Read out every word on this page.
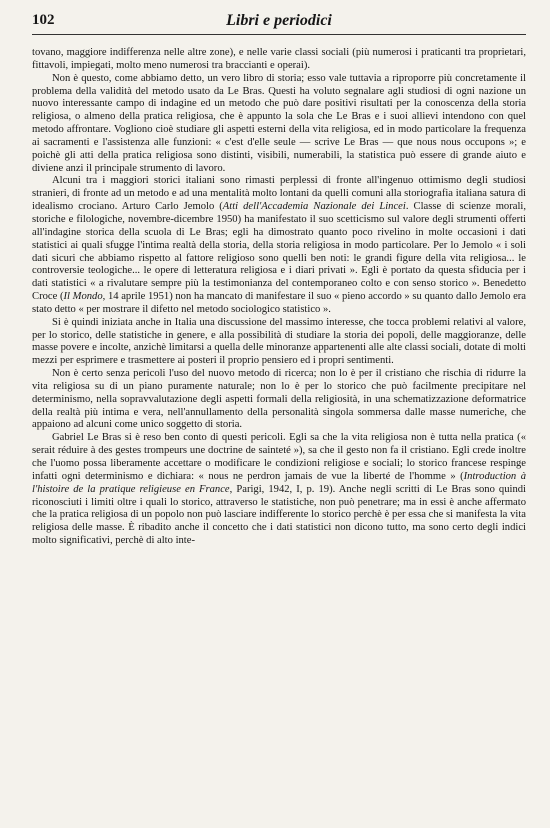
102	Libri e periodici

tovano, maggiore indifferenza nelle altre zone), e nelle varie classi sociali (più numerosi i praticanti tra proprietari, fittavoli, impiegati, molto meno numerosi tra braccianti e operai).

Non è questo, come abbiamo detto, un vero libro di storia; esso vale tuttavia a riproporre più concretamente il problema della validità del metodo usato da Le Bras. Questi ha voluto segnalare agli studiosi di ogni nazione un nuovo interessante campo di indagine ed un metodo che può dare positivi risultati per la conoscenza della storia religiosa, o almeno della pratica religiosa, che è appunto la sola che Le Bras e i suoi allievi intendono con quel metodo affrontare. Vogliono cioè studiare gli aspetti esterni della vita religiosa, ed in modo particolare la frequenza ai sacramenti e l'assistenza alle funzioni: « c'est d'elle seule — scrive Le Bras — que nous nous occupons »; e poichè gli atti della pratica religiosa sono distinti, visibili, numerabili, la statistica può essere di grande aiuto e diviene anzi il principale strumento di lavoro.

Alcuni tra i maggiori storici italiani sono rimasti perplessi di fronte all'ingenuo ottimismo degli studiosi stranieri, di fronte ad un metodo e ad una mentalità molto lontani da quelli comuni alla storiografia italiana satura di idealismo crociano. Arturo Carlo Jemolo (Atti dell'Accademia Nazionale dei Lincei. Classe di scienze morali, storiche e filologiche, novembre-dicembre 1950) ha manifestato il suo scetticismo sul valore degli strumenti offerti all'indagine storica della scuola di Le Bras; egli ha dimostrato quanto poco rivelino in molte occasioni i dati statistici ai quali sfugge l'intima realtà della storia, della storia religiosa in modo particolare. Per lo Jemolo « i soli dati sicuri che abbiamo rispetto al fattore religioso sono quelli ben noti: le grandi figure della vita religiosa... le controversie teologiche... le opere di letteratura religiosa e i diari privati ». Egli è portato da questa sfiducia per i dati statistici « a rivalutare sempre più la testimonianza del contemporaneo colto e con senso storico ». Benedetto Croce (Il Mondo, 14 aprile 1951) non ha mancato di manifestare il suo « pieno accordo » su quanto dallo Jemolo era stato detto « per mostrare il difetto nel metodo sociologico statistico ».

Si è quindi iniziata anche in Italia una discussione del massimo interesse, che tocca problemi relativi al valore, per lo storico, delle statistiche in genere, e alla possibilità di studiare la storia dei popoli, delle maggioranze, delle masse povere e incolte, anzichè limitarsi a quella delle minoranze appartenenti alle alte classi sociali, dotate di molti mezzi per esprimere e trasmettere ai posteri il proprio pensiero ed i propri sentimenti.

Non è certo senza pericoli l'uso del nuovo metodo di ricerca; non lo è per il cristiano che rischia di ridurre la vita religiosa su di un piano puramente naturale; non lo è per lo storico che può facilmente precipitare nel determinismo, nella sopravvalutazione degli aspetti formali della religiosità, in una schematizzazione deformatrice della realtà più intima e vera, nell'annullamento della personalità singola sommersa dalle masse numeriche, che appaiono ad alcuni come unico soggetto di storia.

Gabriel Le Bras si è reso ben conto di questi pericoli. Egli sa che la vita religiosa non è tutta nella pratica (« serait réduire à des gestes trompeurs une doctrine de sainteté »), sa che il gesto non fa il cristiano. Egli crede inoltre che l'uomo possa liberamente accettare o modificare le condizioni religiose e sociali; lo storico francese respinge infatti ogni determinismo e dichiara: « nous ne perdron jamais de vue la liberté de l'homme » (Introduction à l'histoire de la pratique religieuse en France, Parigi, 1942, I, p. 19). Anche negli scritti di Le Bras sono quindi riconosciuti i limiti oltre i quali lo storico, attraverso le statistiche, non può penetrare; ma in essi è anche affermato che la pratica religiosa di un popolo non può lasciare indifferente lo storico perchè è per essa che si manifesta la vita religiosa delle masse. È ribadito anche il concetto che i dati statistici non dicono tutto, ma sono certo degli indici molto significativi, perchè di alto inte-
